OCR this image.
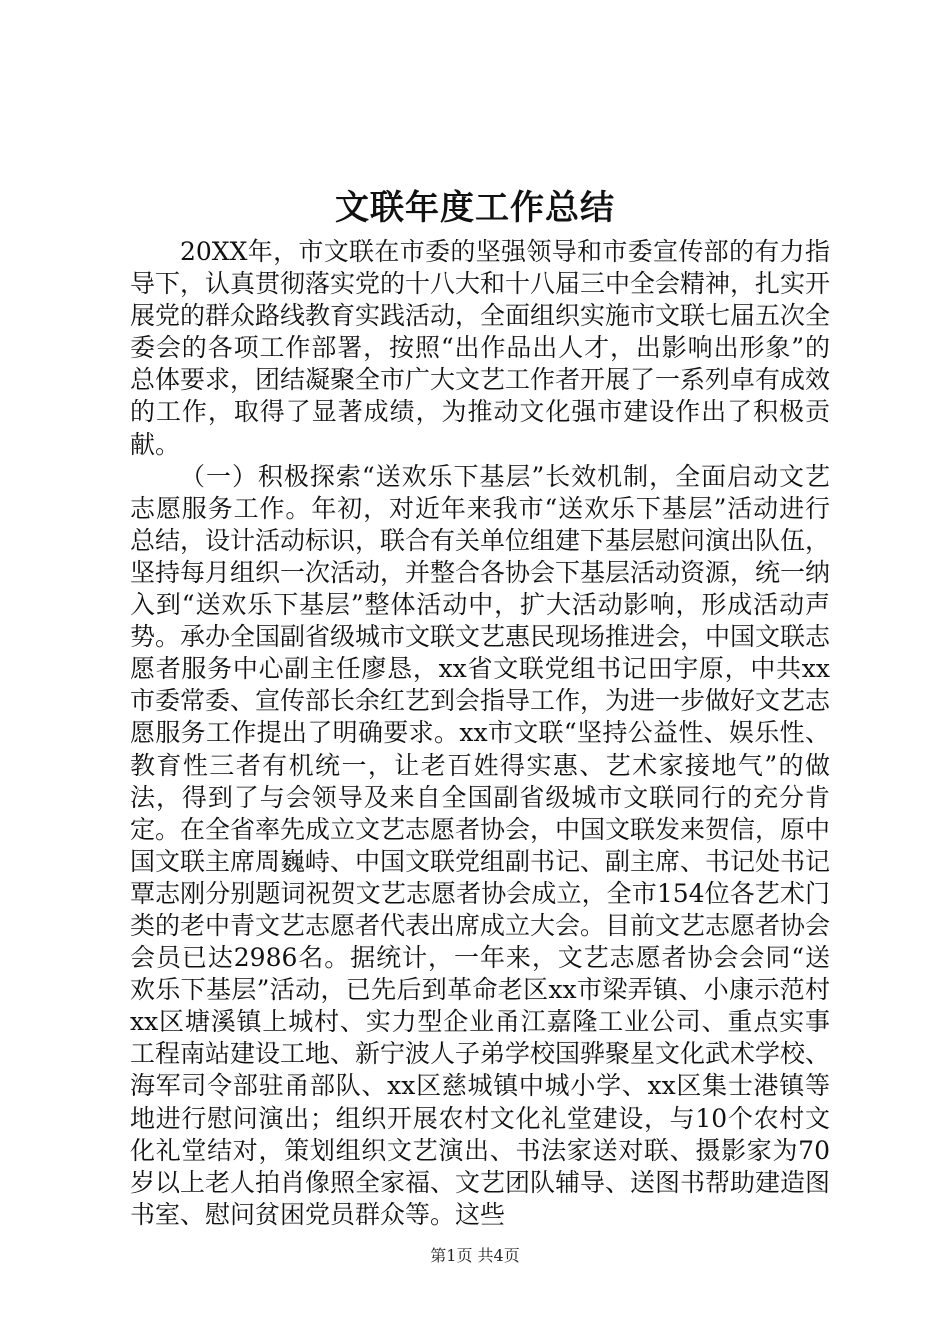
文联年度工作总结

20XX年，市文联在市委的坚强领导和市委宣传部的有力指导下，认真贯彻落实党的十八大和十八届三中全会精神，扎实开展党的群众路线教育实践活动，全面组织实施市文联七届五次全委会的各项工作部署，按照“出作品出人才，出影响出形象”的总体要求，团结凝聚全市广大文艺工作者开展了一系列卓有成效的工作，取得了显著成绩，为推动文化强市建设作出了积极贡献。

（一）积极探索“送欢乐下基层”长效机制，全面启动文艺志愿服务工作。年初，对近年来我市“送欢乐下基层”活动进行总结，设计活动标识，联合有关单位组建下基层慰问演出队伍，坚持每月组织一次活动，并整合各协会下基层活动资源，统一纳入到“送欢乐下基层”整体活动中，扩大活动影响，形成活动声势。承办全国副省级城市文联文艺惠民现场推进会，中国文联志愿者服务中心副主任廖恳，xx省文联党组书记田宇原，中共xx市委常委、宣传部长余红艺到会指导工作，为进一步做好文艺志愿服务工作提出了明确要求。xx市文联“坚持公益性、娱乐性、教育性三者有机统一，让老百姓得实惠、艺术家接地气”的做法，得到了与会领导及来自全国副省级城市文联同行的充分肯定。在全省率先成立文艺志愿者协会，中国文联发来贺信，原中国文联主席周巍峙、中国文联党组副书记、副主席、书记处书记覃志刚分别题词祝贺文艺志愿者协会成立，全市154位各艺术门类的老中青文艺志愿者代表出席成立大会。目前文艺志愿者协会会员已达2986名。据统计，一年来，文艺志愿者协会会同“送欢乐下基层”活动，已先后到革命老区xx市梁弄镇、小康示范村xx区塘溪镇上城村、实力型企业甬江嘉隆工业公司、重点实事工程南站建设工地、新宁波人子弟学校国骅聚星文化武术学校、海军司令部驻甬部队、xx区慈城镇中城小学、xx区集士港镇等地进行慰问演出；组织开展农村文化礼堂建设，与10个农村文化礼堂结对，策划组织文艺演出、书法家送对联、摄影家为70岁以上老人拍肖像照全家福、文艺团队辅导、送图书帮助建造图书室、慰问贫困党员群众等。这些

第1页 共4页
